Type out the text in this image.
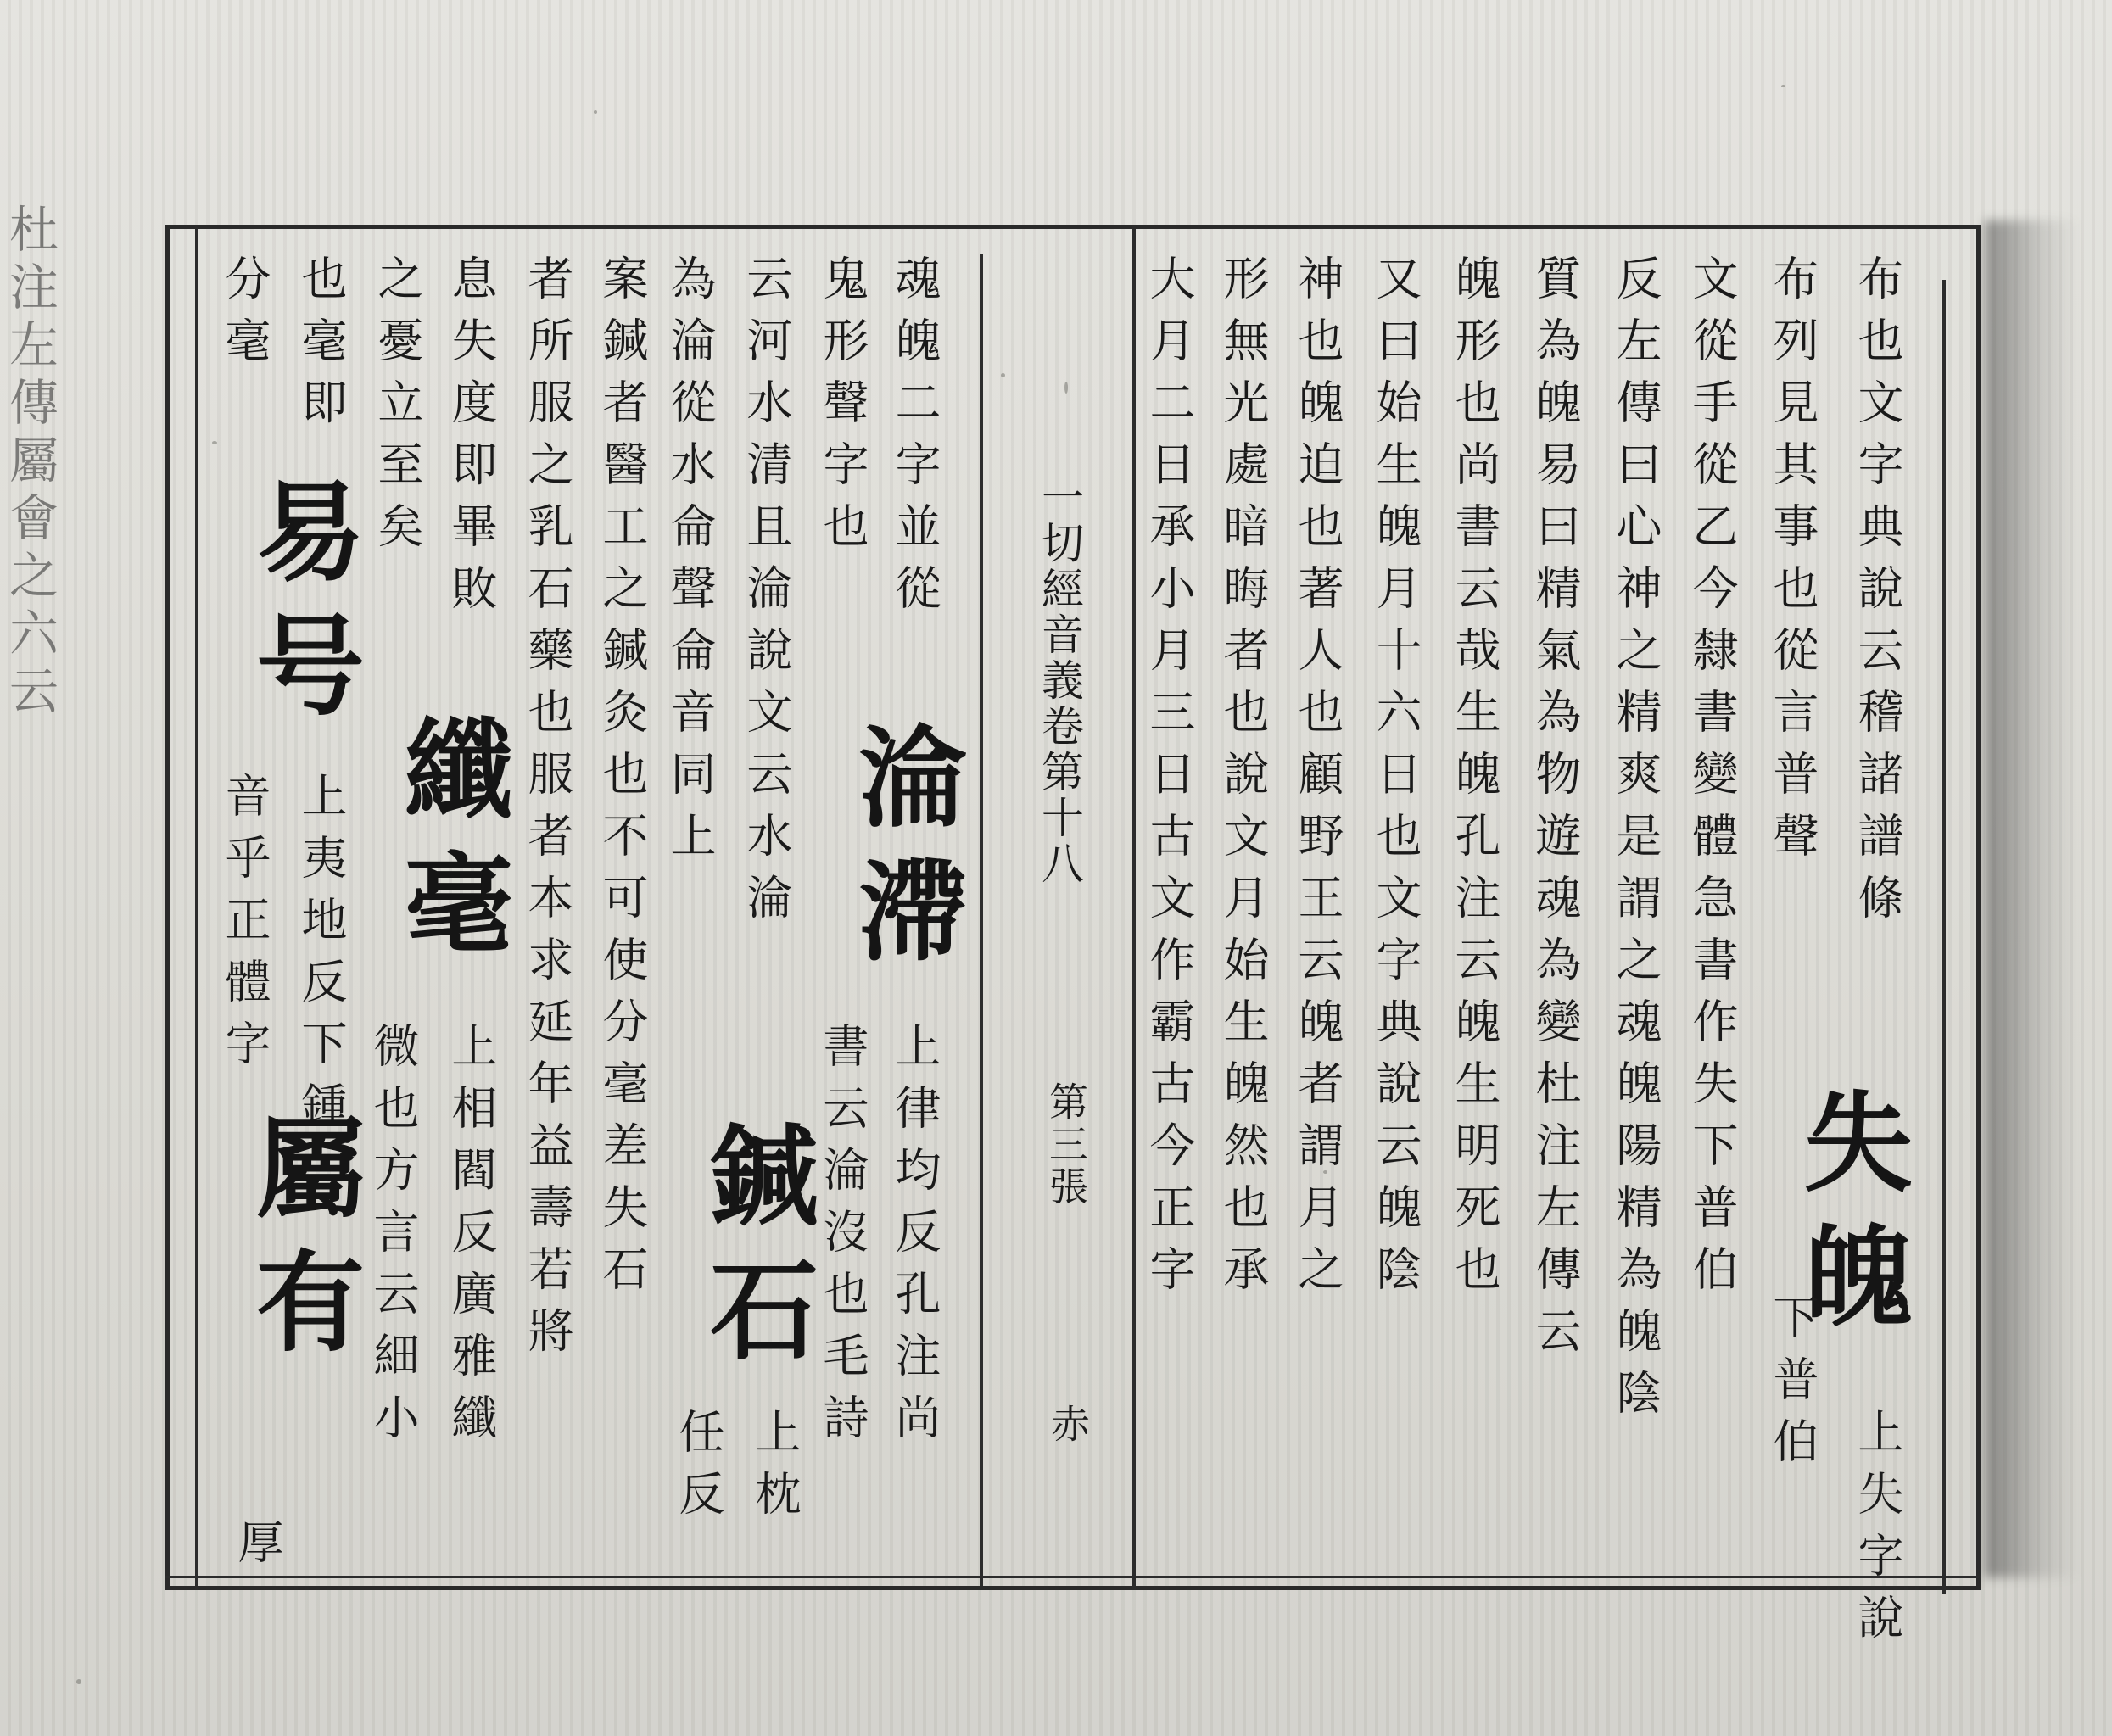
杜注左傳屬會之六云	一切經音義卷第十八
第三張
赤
布也文字典說云稽諸譜條
失魄
上失字說
布列見其事也從言普聲
下普伯
文從手從乙今隸書變體急書作失下普伯
反左傳曰心神之精爽是謂之魂魄陽精為魄陰
質為魄易曰精氣為物遊魂為變杜注左傳云
魄形也尚書云哉生魄孔注云魄生明死也
又曰始生魄月十六日也文字典說云魄陰
神也魄迫也著人也顧野王云魄者謂月之
形無光處暗晦者也說文月始生魄然也承
大月二日承小月三日古文作霸古今正字
魂魄二字並從
淪滯
上律均反孔注尚
鬼形聲字也
書云淪沒也毛詩
云河水清且淪說文云水淪
鍼石
上枕
為淪從水侖聲侖音同上
任反
案鍼者醫工之鍼灸也不可使分毫差失石
者所服之乳石藥也服者本求延年益壽若將
息失度即畢敗
纖毫
上相閻反廣雅纖
之憂立至矣
微也方言云細小
也毫即
易号
上夷地反下鍾
分毫
音乎正體字
屬有
厚
